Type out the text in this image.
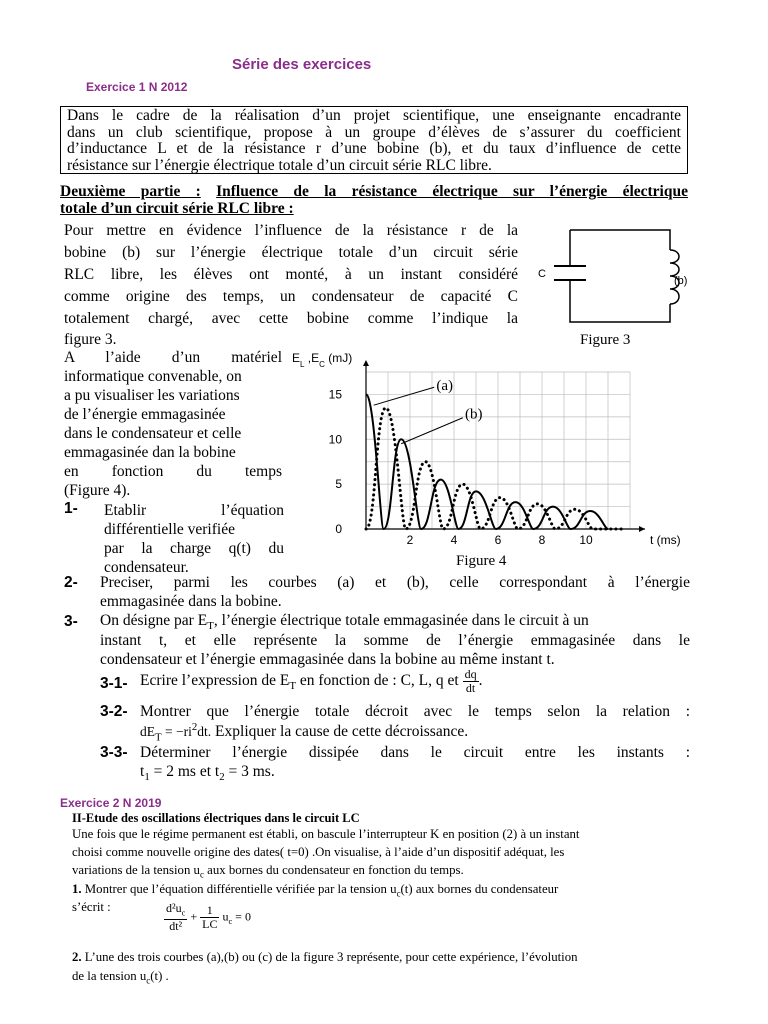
Série des exercices
Exercice 1 N 2012
Dans le cadre de la réalisation d’un projet scientifique, une enseignante encadrante
dans un club scientifique, propose à un groupe d’élèves de s’assurer du coefficient
d’inductance L et de la résistance r d’une bobine (b), et du taux d’influence de cette
résistance sur l’énergie électrique totale d’un circuit série RLC libre.
Deuxième partie : Influence de la résistance électrique sur l’énergie électrique
totale d’un circuit série RLC libre :
Pour mettre en évidence l’influence de la résistance r de la
bobine (b) sur l’énergie électrique totale d’un circuit série
RLC libre, les élèves ont monté, à un instant considéré
comme origine des temps, un condensateur de capacité C
totalement chargé, avec cette bobine comme l’indique la
figure 3.
C
(b)
Figure 3
A l’aide d’un matériel
informatique convenable, on
a pu visualiser les variations
de l’énergie emmagasinée
dans le condensateur et celle
emmagasinée dan la bobine
en fonction du temps
(Figure 4).
1- Etablir l’équation
différentielle verifiée
par la charge q(t) du
condensateur.
2	4	6	8	10
0
5
10
15
$E_L$ $,E_C$ (mJ)
t (ms)
(a)
(b)
Figure 4
2- Preciser, parmi les courbes (a) et (b), celle correspondant à l’énergie
emmagasinée dans la bobine.
3- On désigne par $E_T$, l’énergie électrique totale emmagasinée dans le circuit à un
instant t, et elle représente la somme de l’énergie emmagasinée dans le
condensateur et l’énergie emmagasinée dans la bobine au même instant t.
3-1- Ecrire l’expression de $E_T$ en fonction de : C, L, q et $\frac{dq}{dt}$ .
3-2- Montrer que l’énergie totale décroit avec le temps selon la relation :
$dE_T = -ri^2dt$. Expliquer la cause de cette décroissance.
3-3- Déterminer l’énergie dissipée dans le circuit entre les instants :
$t_1 = 2$ ms et $t_2 = 3$ ms.
Exercice 2 N 2019
II-Etude des oscillations électriques dans le circuit LC
Une fois que le régime permanent est établi, on bascule l’interrupteur K en position (2) à un instant
choisi comme nouvelle origine des dates( t=0) .On visualise, à l’aide d’un dispositif adéquat, les
variations de la tension $u_c$ aux bornes du condensateur en fonction du temps.
1. Montrer que l’équation différentielle vérifiée par la tension $u_c(t)$ aux bornes du condensateur
s’écrit :	$\frac{d^2u_c}{\text{dt²}} + \frac{1}{LC} u_c = 0$
2. L’une des trois courbes (a),(b) ou (c) de la figure 3 représente, pour cette expérience, l’évolution
de la tension $u_c(t)$ .
